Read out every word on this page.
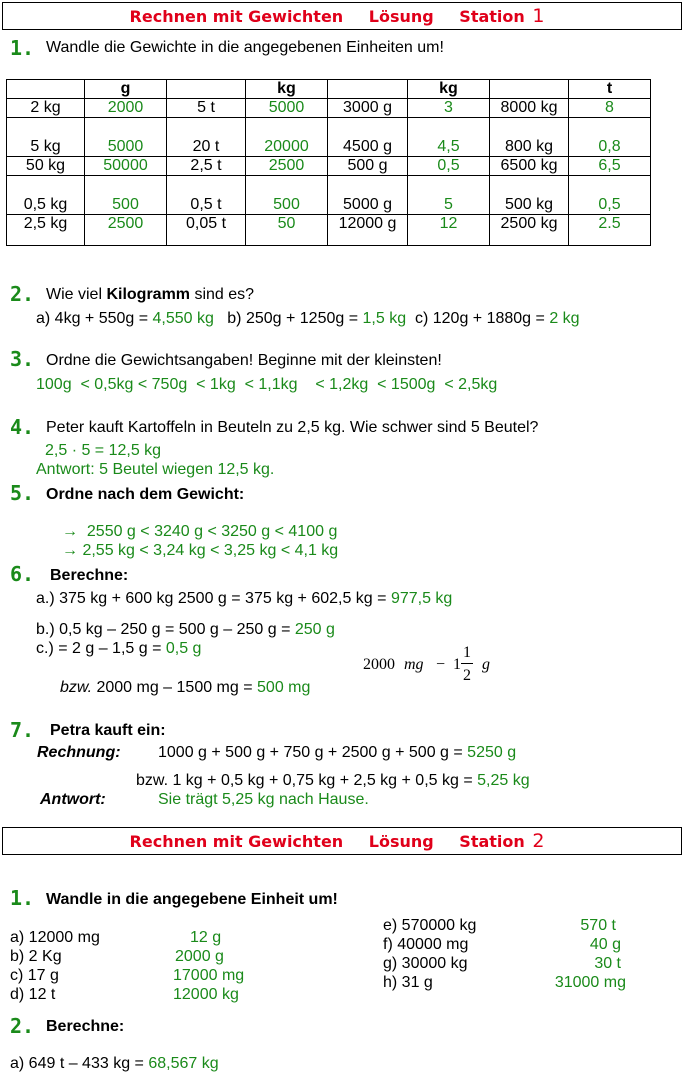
Rechnen mit Gewichten Lösung Station 1
1. Wandle die Gewichte in die angegebenen Einheiten um!
	g		kg		kg		t
2 kg	2000	5 t	5000	3000 g	3	8000 kg	8
5 kg	5000	20 t	20000	4500 g	4,5	800 kg	0,8
50 kg	50000	2,5 t	2500	500 g	0,5	6500 kg	6,5
0,5 kg	500	0,5 t	500	5000 g	5	500 kg	0,5
2,5 kg	2500	0,05 t	50	12000 g	12	2500 kg	2.5
2. Wie viel Kilogramm sind es?
a) 4kg + 550g = 4,550 kg b) 250g + 1250g = 1,5 kg c) 120g + 1880g = 2 kg
3. Ordne die Gewichtsangaben! Beginne mit der kleinsten!
100g  < 0,5kg < 750g  < 1kg  < 1,1kg    < 1,2kg  < 1500g  < 2,5kg
4. Peter kauft Kartoffeln in Beuteln zu 2,5 kg. Wie schwer sind 5 Beutel?
2,5 · 5 = 12,5 kg
Antwort: 5 Beutel wiegen 12,5 kg.
5. Ordne nach dem Gewicht:
→ 2550 g < 3240 g < 3250 g < 4100 g
→ 2,55 kg < 3,24 kg < 3,25 kg < 4,1 kg
6. Berechne:
a.) 375 kg + 600 kg 2500 g = 375 kg + 602,5 kg = 977,5 kg
b.) 0,5 kg – 250 g = 500 g – 250 g = 250 g
c.) = 2 g – 1,5 g = 0,5 g
bzw. 2000 mg – 1500 mg = 500 mg
2000 mg − 1
1
2
g
7. Petra kauft ein:
Rechnung: 1000 g + 500 g + 750 g + 2500 g + 500 g = 5250 g
bzw. 1 kg + 0,5 kg + 0,75 kg + 2,5 kg + 0,5 kg = 5,25 kg
Antwort:	Sie trägt 5,25 kg nach Hause.
Rechnen mit Gewichten Lösung Station 2
1. Wandle in die angegebene Einheit um!
a) 12000 mg	12 g
b) 2 Kg	2000 g
c) 17 g	17000 mg
d) 12 t	12000 kg
e) 570000 kg	570 t
f) 40000 mg	40 g
g) 30000 kg	30 t
h) 31 g	31000 mg
2. Berechne:
a) 649 t – 433 kg = 68,567 kg
